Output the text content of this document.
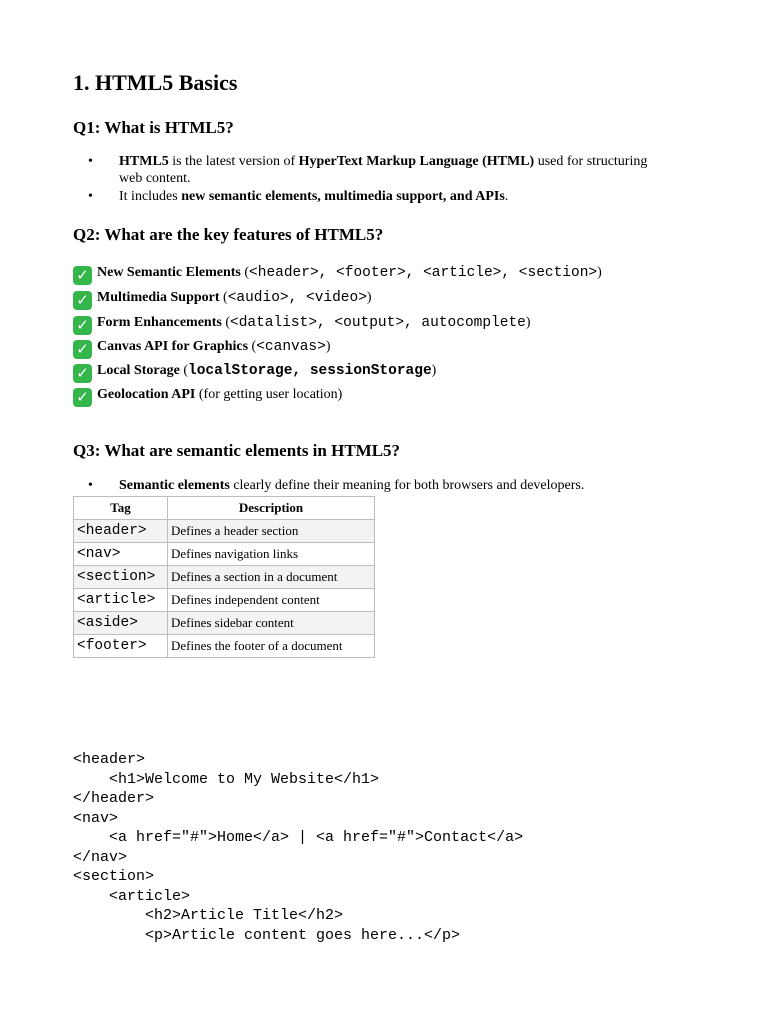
1. HTML5 Basics
Q1: What is HTML5?
• HTML5 is the latest version of HyperText Markup Language (HTML) used for structuring web content.
• It includes new semantic elements, multimedia support, and APIs.
Q2: What are the key features of HTML5?
✓ New Semantic Elements (<header>, <footer>, <article>, <section>)
✓ Multimedia Support (<audio>, <video>)
✓ Form Enhancements (<datalist>, <output>, autocomplete)
✓ Canvas API for Graphics (<canvas>)
✓ Local Storage (localStorage, sessionStorage)
✓ Geolocation API (for getting user location)
Q3: What are semantic elements in HTML5?
• Semantic elements clearly define their meaning for both browsers and developers.
Tag	Description
<header>	Defines a header section
<nav>	Defines navigation links
<section>	Defines a section in a document
<article>	Defines independent content
<aside>	Defines sidebar content
<footer>	Defines the footer of a document
<header>
<h1>Welcome to My Website</h1>
</header>
<nav>
<a href="#">Home</a> | <a href="#">Contact</a>
</nav>
<section>
<article>
<h2>Article Title</h2>
<p>Article content goes here...</p>
